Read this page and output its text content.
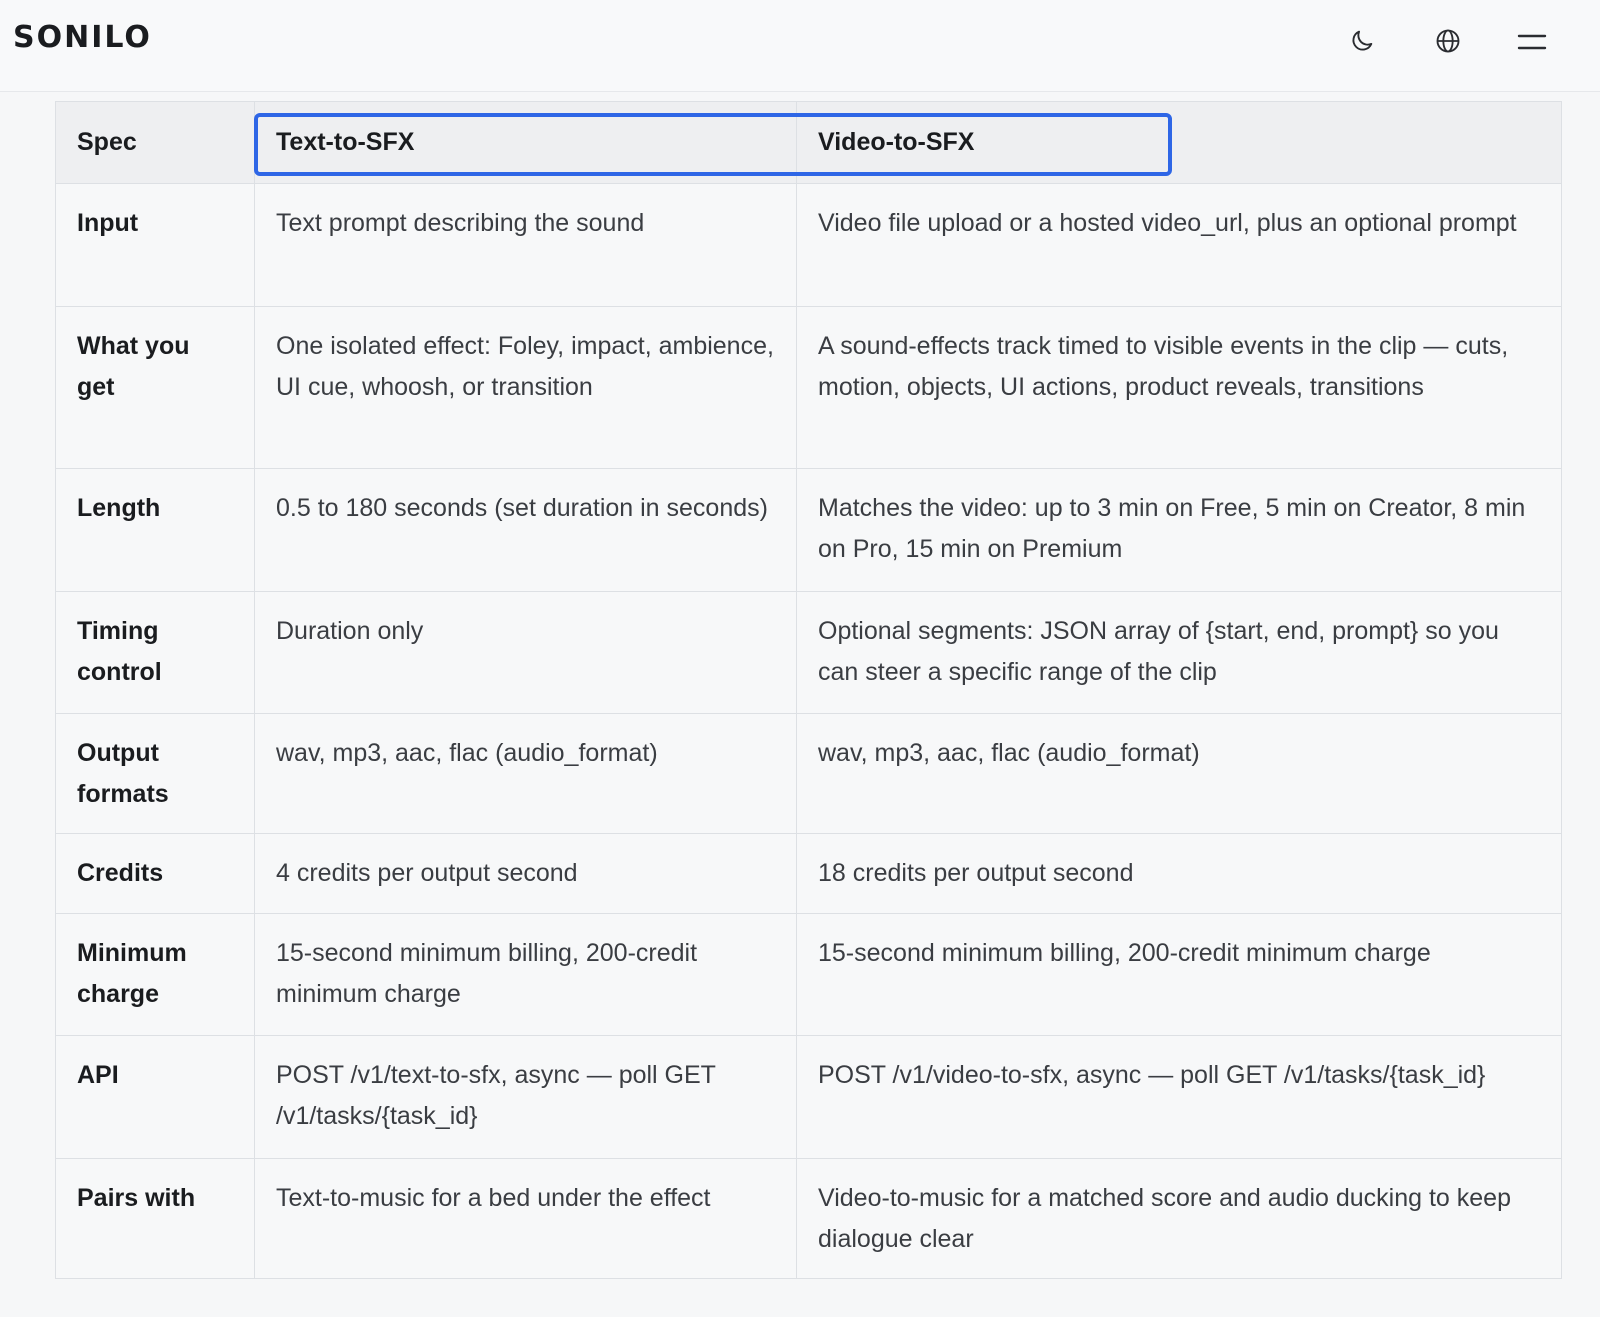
SONILO
Spec	Text-to-SFX	Video-to-SFX
Input	Text prompt describing the sound	Video file upload or a hosted video_url, plus an optional prompt
What you get	One isolated effect: Foley, impact, ambience, UI cue, whoosh, or transition	A sound-effects track timed to visible events in the clip — cuts, motion, objects, UI actions, product reveals, transitions
Length	0.5 to 180 seconds (set duration in seconds)	Matches the video: up to 3 min on Free, 5 min on Creator, 8 min on Pro, 15 min on Premium
Timing control	Duration only	Optional segments: JSON array of {start, end, prompt} so you can steer a specific range of the clip
Output formats	wav, mp3, aac, flac (audio_format)	wav, mp3, aac, flac (audio_format)
Credits	4 credits per output second	18 credits per output second
Minimum charge	15-second minimum billing, 200-credit minimum charge	15-second minimum billing, 200-credit minimum charge
API	POST /v1/text-to-sfx, async — poll GET /v1/tasks/{task_id}	POST /v1/video-to-sfx, async — poll GET /v1/tasks/{task_id}
Pairs with	Text-to-music for a bed under the effect	Video-to-music for a matched score and audio ducking to keep dialogue clear
